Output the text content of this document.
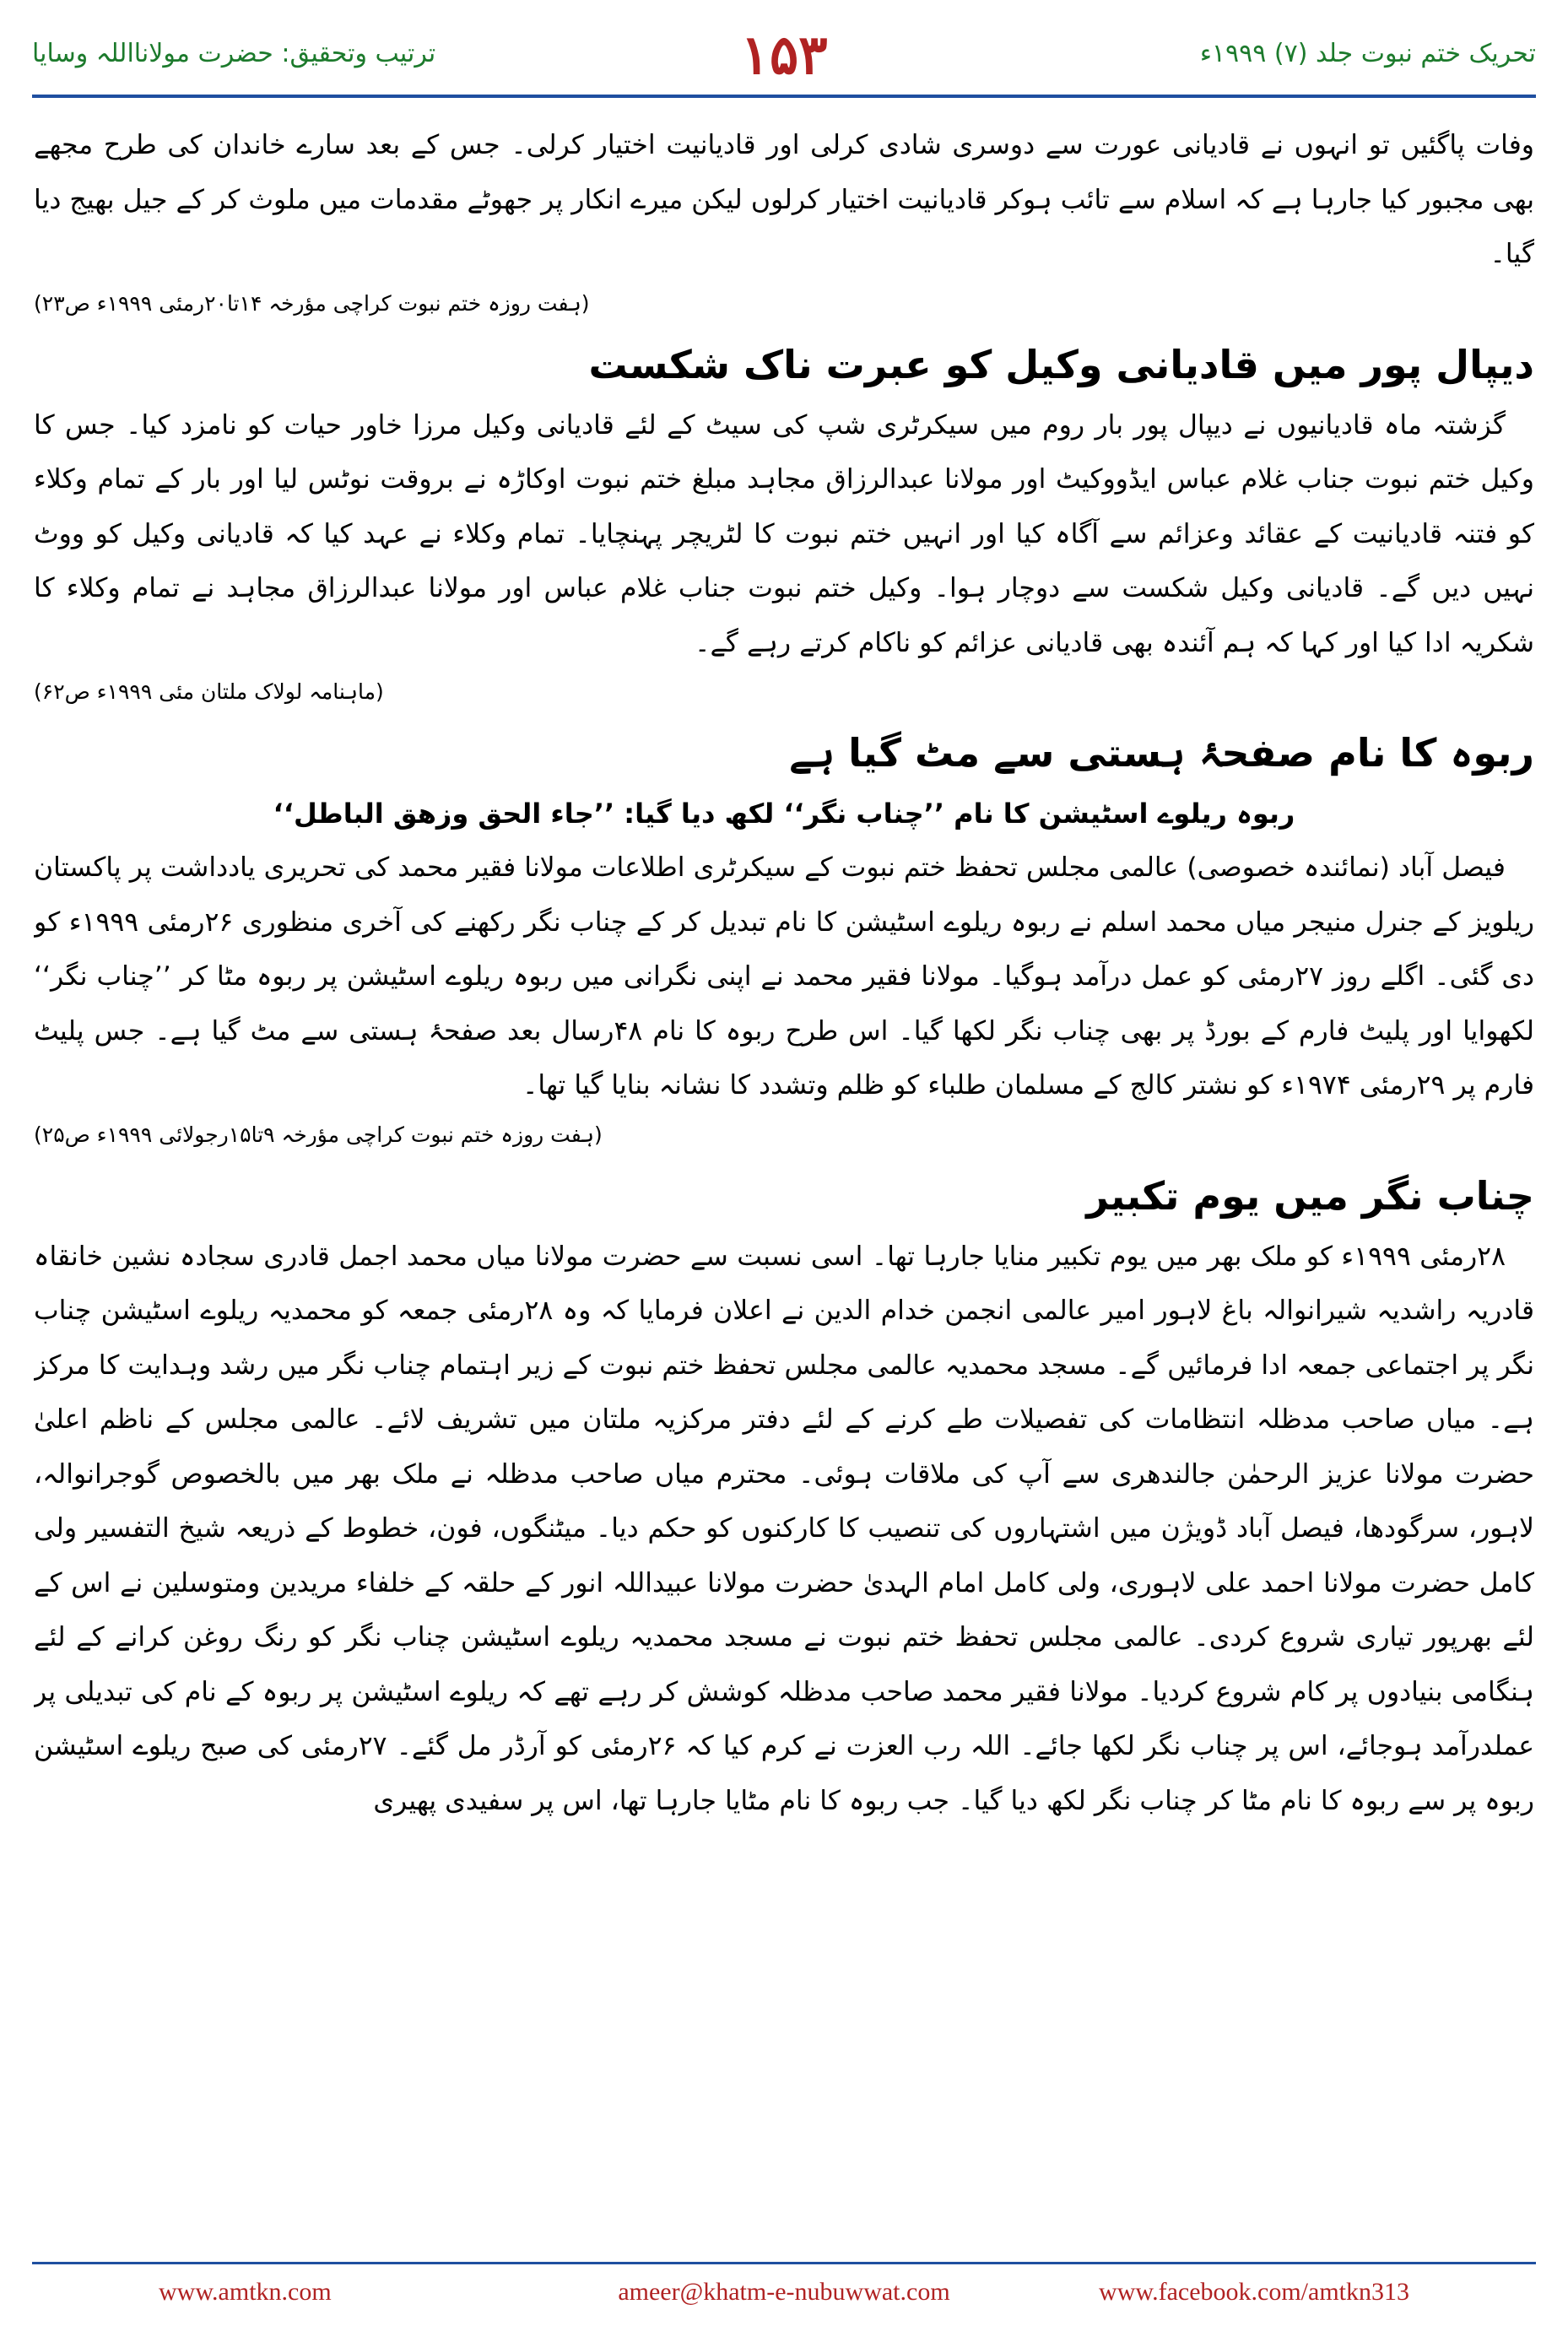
ترتیب وتحقیق: حضرت مولانااللہ وسایا	۱۵۳	تحریک ختم نبوت جلد (۷) ۱۹۹۹ء

وفات پاگئیں تو انہوں نے قادیانی عورت سے دوسری شادی کرلی اور قادیانیت اختیار کرلی۔ جس کے بعد سارے خاندان کی طرح مجھے بھی مجبور کیا جارہا ہے کہ اسلام سے تائب ہوکر قادیانیت اختیار کرلوں لیکن میرے انکار پر جھوٹے مقدمات میں ملوث کر کے جیل بھیج دیا گیا۔

(ہفت روزہ ختم نبوت کراچی مؤرخہ ۱۴تا۲۰رمئی ۱۹۹۹ء ص۲۳)

دیپال پور میں قادیانی وکیل کو عبرت ناک شکست

گزشتہ ماہ قادیانیوں نے دیپال پور بار روم میں سیکرٹری شپ کی سیٹ کے لئے قادیانی وکیل مرزا خاور حیات کو نامزد کیا۔ جس کا وکیل ختم نبوت جناب غلام عباس ایڈووکیٹ اور مولانا عبدالرزاق مجاہد مبلغ ختم نبوت اوکاڑہ نے بروقت نوٹس لیا اور بار کے تمام وکلاء کو فتنہ قادیانیت کے عقائد وعزائم سے آگاہ کیا اور انہیں ختم نبوت کا لٹریچر پہنچایا۔ تمام وکلاء نے عہد کیا کہ قادیانی وکیل کو ووٹ نہیں دیں گے۔ قادیانی وکیل شکست سے دوچار ہوا۔ وکیل ختم نبوت جناب غلام عباس اور مولانا عبدالرزاق مجاہد نے تمام وکلاء کا شکریہ ادا کیا اور کہا کہ ہم آئندہ بھی قادیانی عزائم کو ناکام کرتے رہے گے۔

(ماہنامہ لولاک ملتان مئی ۱۹۹۹ء ص۶۲)

ربوہ کا نام صفحۂ ہستی سے مٹ گیا ہے
ربوہ ریلوے اسٹیشن کا نام ’’چناب نگر‘‘ لکھ دیا گیا: ’’جاء الحق وزھق الباطل‘‘

فیصل آباد (نمائندہ خصوصی) عالمی مجلس تحفظ ختم نبوت کے سیکرٹری اطلاعات مولانا فقیر محمد کی تحریری یادداشت پر پاکستان ریلویز کے جنرل منیجر میاں محمد اسلم نے ربوہ ریلوے اسٹیشن کا نام تبدیل کر کے چناب نگر رکھنے کی آخری منظوری ۲۶رمئی ۱۹۹۹ء کو دی گئی۔ اگلے روز ۲۷رمئی کو عمل درآمد ہوگیا۔ مولانا فقیر محمد نے اپنی نگرانی میں ربوہ ریلوے اسٹیشن پر ربوہ مٹا کر ’’چناب نگر‘‘ لکھوایا اور پلیٹ فارم کے بورڈ پر بھی چناب نگر لکھا گیا۔ اس طرح ربوہ کا نام ۴۸رسال بعد صفحۂ ہستی سے مٹ گیا ہے۔ جس پلیٹ فارم پر ۲۹رمئی ۱۹۷۴ء کو نشتر کالج کے مسلمان طلباء کو ظلم وتشدد کا نشانہ بنایا گیا تھا۔

(ہفت روزہ ختم نبوت کراچی مؤرخہ ۹تا۱۵رجولائی ۱۹۹۹ء ص۲۵)

چناب نگر میں یوم تکبیر

۲۸رمئی ۱۹۹۹ء کو ملک بھر میں یوم تکبیر منایا جارہا تھا۔ اسی نسبت سے حضرت مولانا میاں محمد اجمل قادری سجادہ نشین خانقاہ قادریہ راشدیہ شیرانوالہ باغ لاہور امیر عالمی انجمن خدام الدین نے اعلان فرمایا کہ وہ ۲۸رمئی جمعہ کو محمدیہ ریلوے اسٹیشن چناب نگر پر اجتماعی جمعہ ادا فرمائیں گے۔ مسجد محمدیہ عالمی مجلس تحفظ ختم نبوت کے زیر اہتمام چناب نگر میں رشد وہدایت کا مرکز ہے۔ میاں صاحب مدظلہ انتظامات کی تفصیلات طے کرنے کے لئے دفتر مرکزیہ ملتان میں تشریف لائے۔ عالمی مجلس کے ناظم اعلیٰ حضرت مولانا عزیز الرحمٰن جالندھری سے آپ کی ملاقات ہوئی۔ محترم میاں صاحب مدظلہ نے ملک بھر میں بالخصوص گوجرانوالہ، لاہور، سرگودھا، فیصل آباد ڈویژن میں اشتہاروں کی تنصیب کا کارکنوں کو حکم دیا۔ میٹنگوں، فون، خطوط کے ذریعہ شیخ التفسیر ولی کامل حضرت مولانا احمد علی لاہوری، ولی کامل امام الہدیٰ حضرت مولانا عبیداللہ انور کے حلقہ کے خلفاء مریدین ومتوسلین نے اس کے لئے بھرپور تیاری شروع کردی۔ عالمی مجلس تحفظ ختم نبوت نے مسجد محمدیہ ریلوے اسٹیشن چناب نگر کو رنگ روغن کرانے کے لئے ہنگامی بنیادوں پر کام شروع کردیا۔ مولانا فقیر محمد صاحب مدظلہ کوشش کر رہے تھے کہ ریلوے اسٹیشن پر ربوہ کے نام کی تبدیلی پر عملدرآمد ہوجائے، اس پر چناب نگر لکھا جائے۔ اللہ رب العزت نے کرم کیا کہ ۲۶رمئی کو آرڈر مل گئے۔ ۲۷رمئی کی صبح ریلوے اسٹیشن ربوہ پر سے ربوہ کا نام مٹا کر چناب نگر لکھ دیا گیا۔ جب ربوہ کا نام مٹایا جارہا تھا، اس پر سفیدی پھیری

www.amtkn.com	ameer@khatm-e-nubuwwat.com	www.facebook.com/amtkn313
